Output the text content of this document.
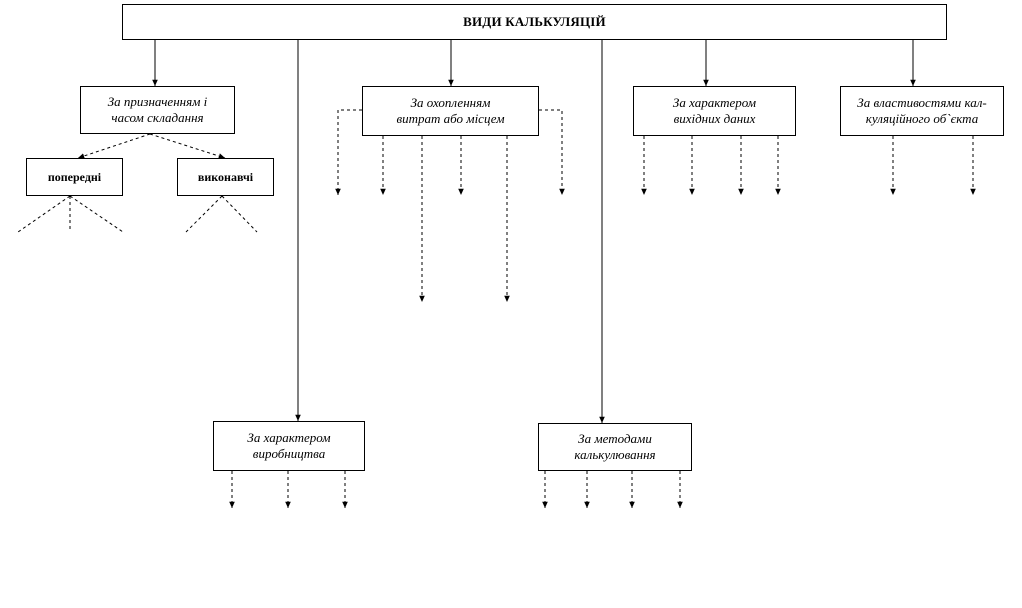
ВИДИ КАЛЬКУЛЯЦІЙ
За призначенням і
часом складання
За охопленням
витрат або місцем
За характером
вихідних даних
За властивостями кал-
куляційного об`єкта
За характером
виробництва
За методами
калькулювання
попередні	виконавчі
